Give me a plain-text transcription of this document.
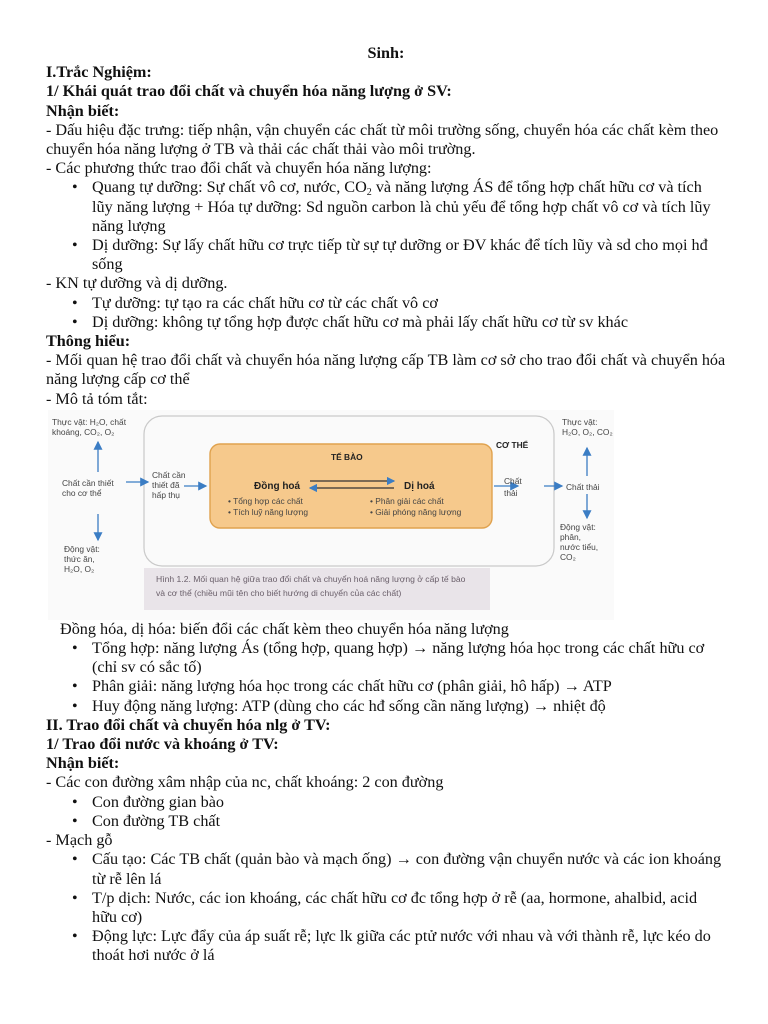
Sinh:
I.Trắc Nghiệm:
1/ Khái quát trao đổi chất và chuyển hóa năng lượng ở SV:
Nhận biết:
- Dấu hiệu đặc trưng: tiếp nhận, vận chuyển các chất từ môi trường sống, chuyển hóa các chất kèm theo chuyển hóa năng lượng ở TB và thải các chất thải vào môi trường.
- Các phương thức trao đổi chất và chuyển hóa năng lượng:
• Quang tự dưỡng: Sự chất vô cơ, nước, $CO_2$ và năng lượng ÁS để tổng hợp chất hữu cơ và tích lũy năng lượng + Hóa tự dưỡng: Sd nguồn carbon là chủ yếu để tổng hợp chất vô cơ và tích lũy năng lượng
• Dị dưỡng: Sự lấy chất hữu cơ trực tiếp từ sự tự dưỡng or ĐV khác để tích lũy và sd cho mọi hđ sống
- KN tự dưỡng và dị dưỡng.
• Tự dưỡng: tự tạo ra các chất hữu cơ từ các chất vô cơ
• Dị dưỡng: không tự tổng hợp được chất hữu cơ mà phải lấy chất hữu cơ từ sv khác
Thông hiểu:
- Mối quan hệ trao đổi chất và chuyển hóa năng lượng cấp TB làm cơ sở cho trao đổi chất và chuyển hóa năng lượng cấp cơ thể
- Mô tả tóm tắt:
Thực vật: H₂O, chất
khoáng, CO₂, O₂
Chất cần thiết
cho cơ thể
Động vật:
thức ăn,
H₂O, O₂
Chất cần
thiết đã
hấp thụ
TẾ BÀO
CƠ THỂ
Đồng hoá
• Tổng hợp các chất
• Tích luỹ năng lượng
Dị hoá
• Phân giải các chất
• Giải phóng năng lượng
Chất
thải
Chất thải
Thực vật:
H₂O, O₂, CO₂
Động vật:
phân,
nước tiểu,
CO₂
Hình 1.2. Mối quan hệ giữa trao đổi chất và chuyển hoá năng lượng ở cấp tế bào
và cơ thể (chiều mũi tên cho biết hướng di chuyển của các chất)
Đồng hóa, dị hóa: biến đổi các chất kèm theo chuyển hóa năng lượng
• Tổng hợp: năng lượng Ás (tổng hợp, quang hợp) → năng lượng hóa học trong các chất hữu cơ (chỉ sv có sắc tố)
• Phân giải: năng lượng hóa học trong các chất hữu cơ (phân giải, hô hấp) → ATP
• Huy động năng lượng: ATP (dùng cho các hđ sống cần năng lượng) → nhiệt độ
II. Trao đổi chất và chuyển hóa nlg ở TV:
1/ Trao đổi nước và khoáng ở TV:
Nhận biết:
- Các con đường xâm nhập của nc, chất khoáng: 2 con đường
• Con đường gian bào
• Con đường TB chất
- Mạch gỗ
• Cấu tạo: Các TB chất (quản bào và mạch ống) → con đường vận chuyển nước và các ion khoáng từ rễ lên lá
• T/p dịch: Nước, các ion khoáng, các chất hữu cơ đc tổng hợp ở rễ (aa, hormone, ahalbid, acid hữu cơ)
• Động lực: Lực đẩy của áp suất rễ; lực lk giữa các ptử nước với nhau và với thành rễ, lực kéo do thoát hơi nước ở lá
